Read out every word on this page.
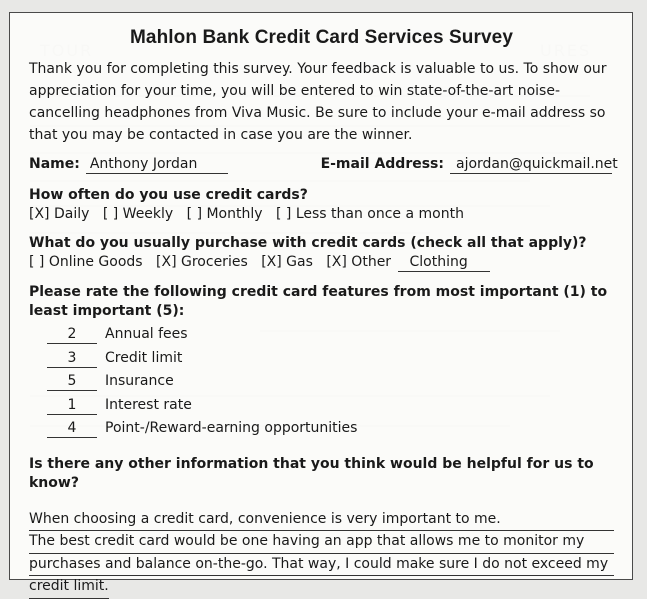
Mahlon Bank Credit Card Services Survey
Thank you for completing this survey. Your feedback is valuable to us. To show our appreciation for your time, you will be entered to win state-of-the-art noise-cancelling headphones from Viva Music. Be sure to include your e-mail address so that you may be contacted in case you are the winner.
Name: Anthony Jordan	E-mail Address: ajordan@quickmail.net
How often do you use credit cards?
[X] Daily [ ] Weekly [ ] Monthly [ ] Less than once a month
What do you usually purchase with credit cards (check all that apply)?
[ ] Online Goods [X] Groceries [X] Gas [X] Other Clothing
Please rate the following credit card features from most important (1) to least important (5):
2	Annual fees
3	Credit limit
5	Insurance
1	Interest rate
4	Point-/Reward-earning opportunities
Is there any other information that you think would be helpful for us to know?
When choosing a credit card, convenience is very important to me.
The best credit card would be one having an app that allows me to monitor my
purchases and balance on-the-go. That way, I could make sure I do not exceed my
credit limit.
